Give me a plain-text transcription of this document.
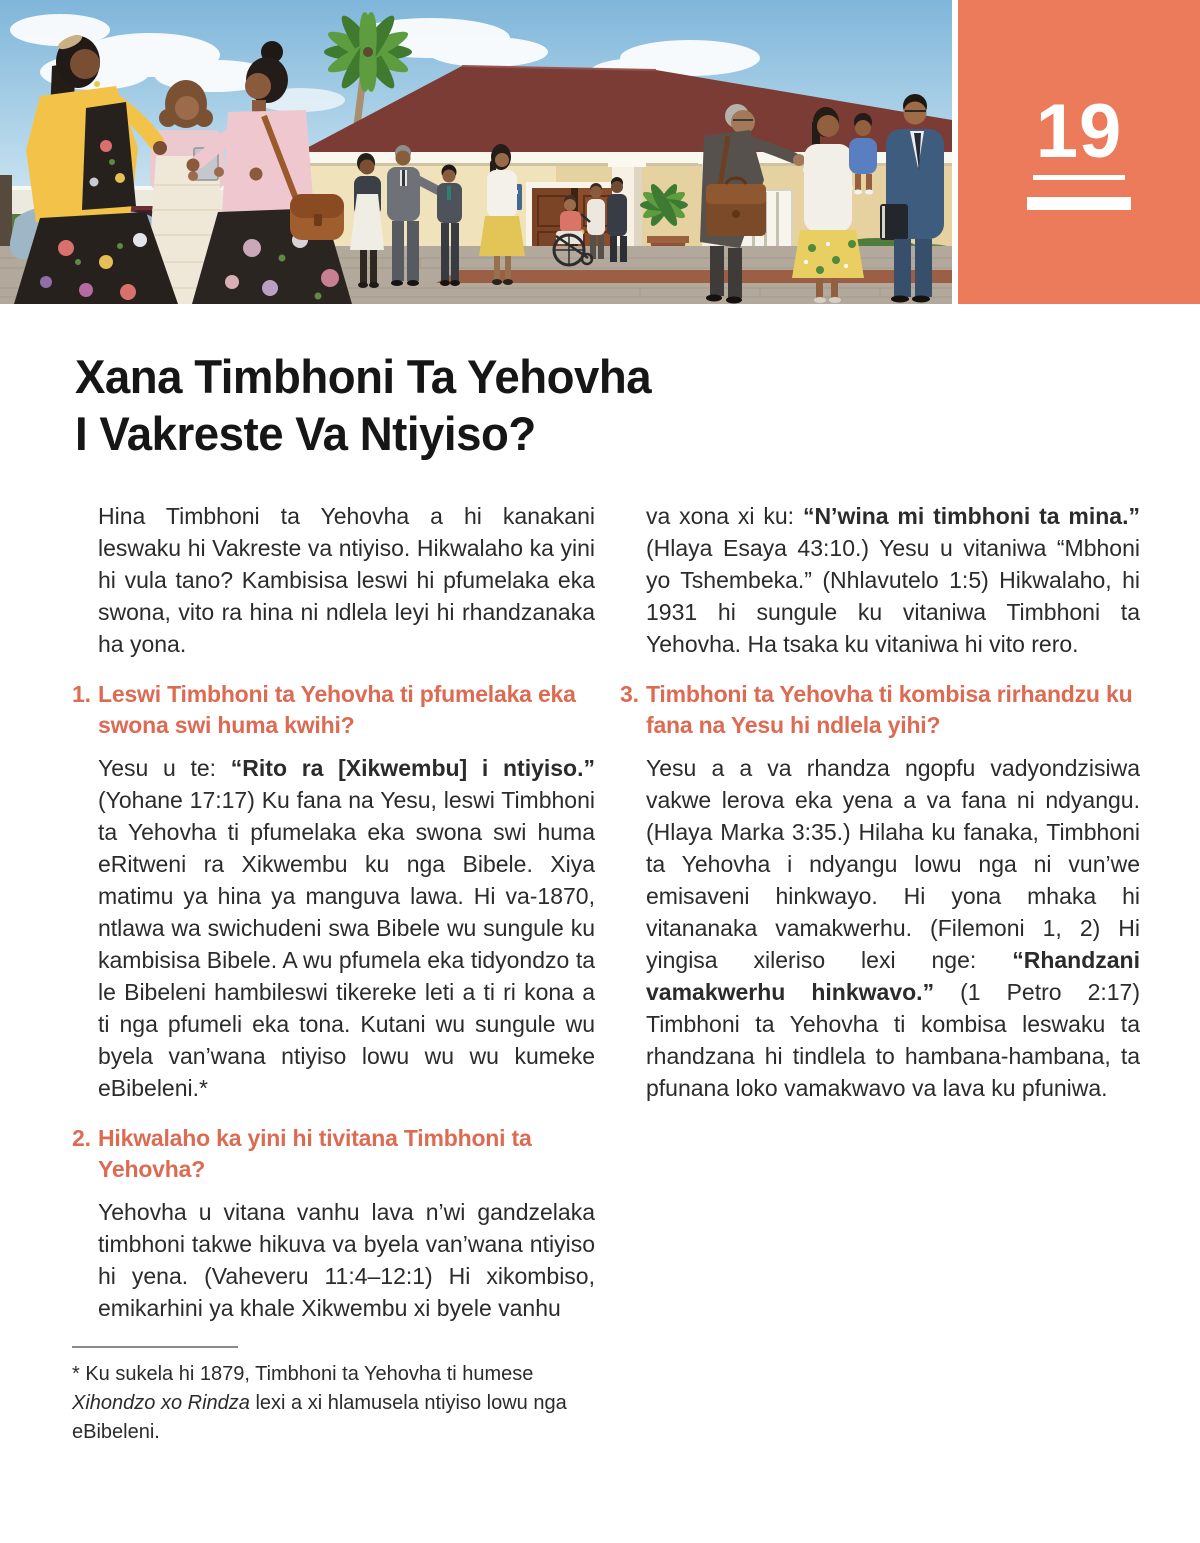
19
Xana Timbhoni Ta Yehovha
I Vakreste Va Ntiyiso?

Hina Timbhoni ta Yehovha a hi kanakani leswaku hi Vakreste va ntiyiso. Hikwalaho ka yini hi vula tano? Kambisisa leswi hi pfumelaka eka swona, vito ra hina ni ndlela leyi hi rhandzanaka ha yona.

1. Leswi Timbhoni ta Yehovha ti pfumelaka eka swona swi huma kwihi?

Yesu u te: “Rito ra [Xikwembu] i ntiyiso.” (Yohane 17:17) Ku fana na Yesu, leswi Timbhoni ta Yehovha ti pfumelaka eka swona swi huma eRitweni ra Xikwembu ku nga Bibele. Xiya matimu ya hina ya manguva lawa. Hi va-1870, ntlawa wa swichudeni swa Bibele wu sungule ku kambisisa Bibele. A wu pfumela eka tidyondzo ta le Bibeleni hambileswi tikereke leti a ti ri kona a ti nga pfumeli eka tona. Kutani wu sungule wu byela van’wana ntiyiso lowu wu wu kumeke eBibeleni.*

2. Hikwalaho ka yini hi tivitana Timbhoni ta Yehovha?

Yehovha u vitana vanhu lava n’wi gandzelaka timbhoni takwe hikuva va byela van’wana ntiyiso hi yena. (Vaheveru 11:4–12:1) Hi xikombiso, emikarhini ya khale Xikwembu xi byele vanhu

* Ku sukela hi 1879, Timbhoni ta Yehovha ti humese Xihondzo xo Rindza lexi a xi hlamusela ntiyiso lowu nga eBibeleni.

va xona xi ku: “N’wina mi timbhoni ta mina.” (Hlaya Esaya 43:10.) Yesu u vitaniwa “Mbhoni yo Tshembeka.” (Nhlavutelo 1:5) Hikwalaho, hi 1931 hi sungule ku vitaniwa Timbhoni ta Yehovha. Ha tsaka ku vitaniwa hi vito rero.

3. Timbhoni ta Yehovha ti kombisa rirhandzu ku fana na Yesu hi ndlela yihi?

Yesu a a va rhandza ngopfu vadyondzisiwa vakwe lerova eka yena a va fana ni ndyangu. (Hlaya Marka 3:35.) Hilaha ku fanaka, Timbhoni ta Yehovha i ndyangu lowu nga ni vun’we emisaveni hinkwayo. Hi yona mhaka hi vitananaka vamakwerhu. (Filemoni 1, 2) Hi yingisa xileriso lexi nge: “Rhandzani vamakwerhu hinkwavo.” (1 Petro 2:17) Timbhoni ta Yehovha ti kombisa leswaku ta rhandzana hi tindlela to hambana-hambana, ta pfunana loko vamakwavo va lava ku pfuniwa.
